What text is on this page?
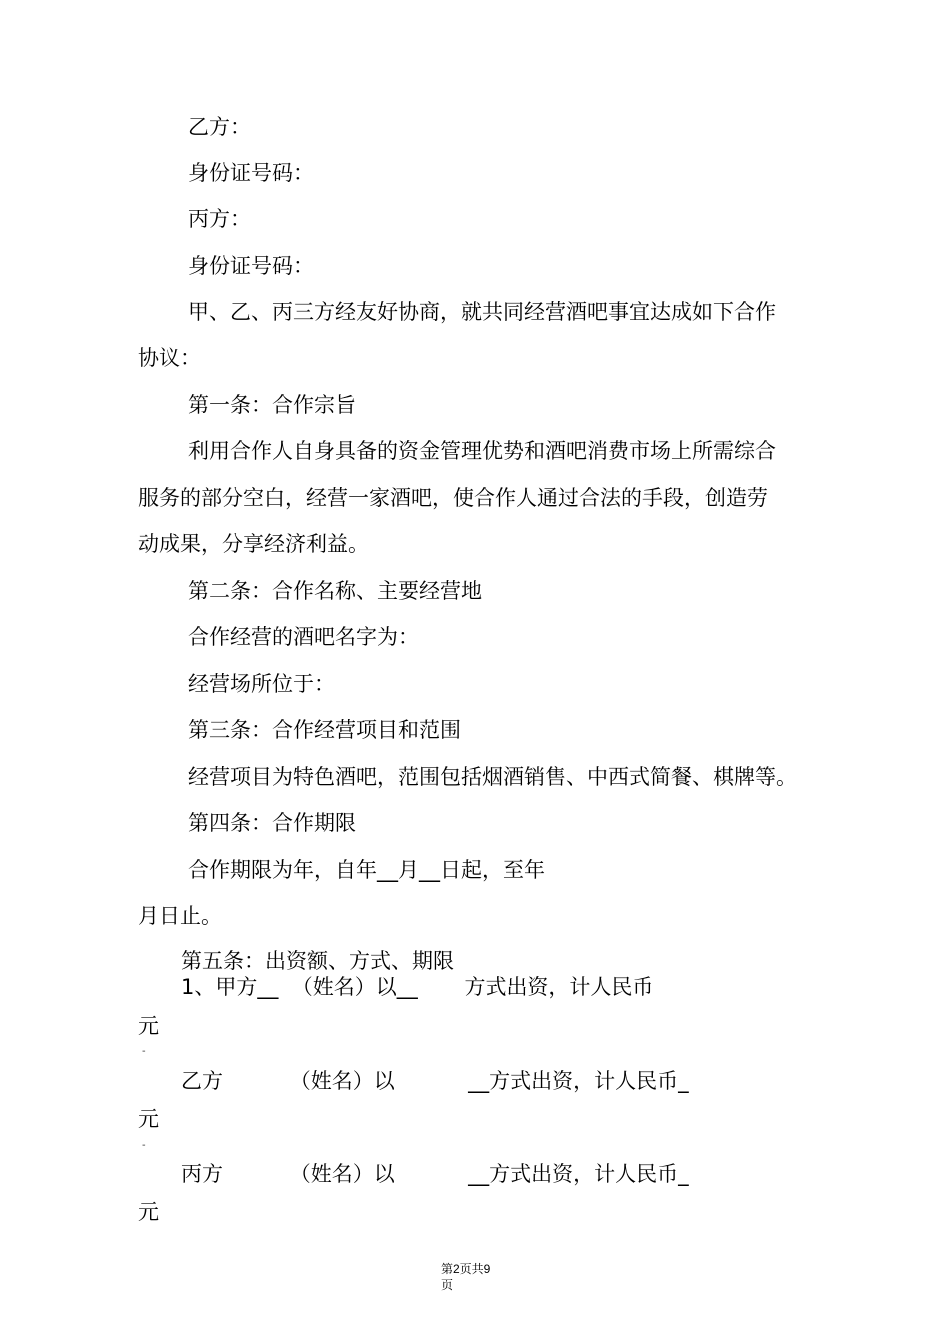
乙方：
身份证号码：
丙方：
身份证号码：
甲、乙、丙三方经友好协商，就共同经营酒吧事宜达成如下合作
协议：
第一条：合作宗旨
利用合作人自身具备的资金管理优势和酒吧消费市场上所需综合
服务的部分空白，经营一家酒吧，使合作人通过合法的手段，创造劳
动成果，分享经济利益。
第二条：合作名称、主要经营地
合作经营的酒吧名字为：
经营场所位于：
第三条：合作经营项目和范围
经营项目为特色酒吧，范围包括烟酒销售、中西式简餐、棋牌等。
第四条：合作期限
合作期限为年，自年__月__日起，至年
月日止。
第五条：出资额、方式、期限
1、甲方__  （姓名）以__       方式出资，计人民币
元
-
乙方          （姓名）以           __方式出资，计人民币_
元
-
丙方          （姓名）以           __方式出资，计人民币_
元
第2页共9
页
